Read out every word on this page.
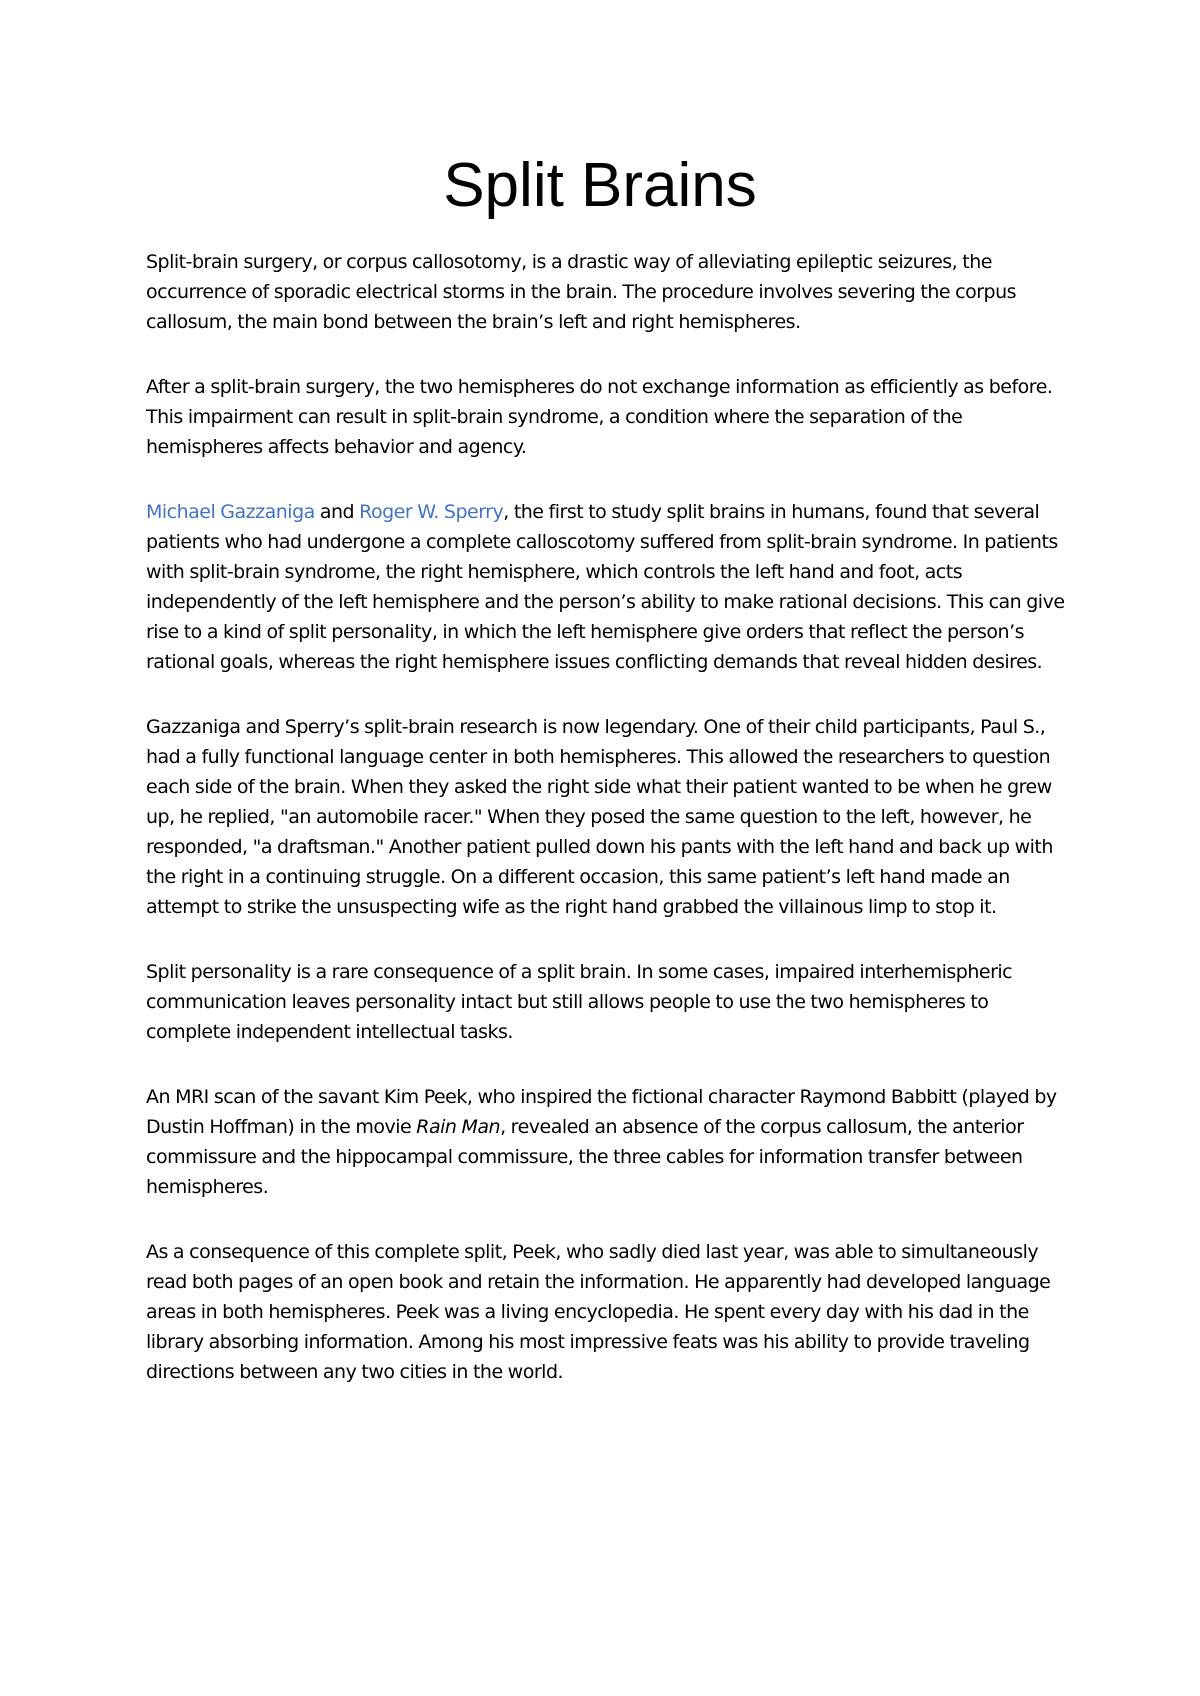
Split Brains

Split-brain surgery, or corpus callosotomy, is a drastic way of alleviating epileptic seizures, the occurrence of sporadic electrical storms in the brain. The procedure involves severing the corpus callosum, the main bond between the brain’s left and right hemispheres.

After a split-brain surgery, the two hemispheres do not exchange information as efficiently as before. This impairment can result in split-brain syndrome, a condition where the separation of the hemispheres affects behavior and agency.

Michael Gazzaniga and Roger W. Sperry, the first to study split brains in humans, found that several patients who had undergone a complete calloscotomy suffered from split-brain syndrome. In patients with split-brain syndrome, the right hemisphere, which controls the left hand and foot, acts independently of the left hemisphere and the person’s ability to make rational decisions. This can give rise to a kind of split personality, in which the left hemisphere give orders that reflect the person’s rational goals, whereas the right hemisphere issues conflicting demands that reveal hidden desires.

Gazzaniga and Sperry’s split-brain research is now legendary. One of their child participants, Paul S., had a fully functional language center in both hemispheres. This allowed the researchers to question each side of the brain. When they asked the right side what their patient wanted to be when he grew up, he replied, "an automobile racer." When they posed the same question to the left, however, he responded, "a draftsman." Another patient pulled down his pants with the left hand and back up with the right in a continuing struggle. On a different occasion, this same patient’s left hand made an attempt to strike the unsuspecting wife as the right hand grabbed the villainous limp to stop it.

Split personality is a rare consequence of a split brain. In some cases, impaired interhemispheric communication leaves personality intact but still allows people to use the two hemispheres to complete independent intellectual tasks.

An MRI scan of the savant Kim Peek, who inspired the fictional character Raymond Babbitt (played by Dustin Hoffman) in the movie Rain Man, revealed an absence of the corpus callosum, the anterior commissure and the hippocampal commissure, the three cables for information transfer between hemispheres.

As a consequence of this complete split, Peek, who sadly died last year, was able to simultaneously read both pages of an open book and retain the information. He apparently had developed language areas in both hemispheres. Peek was a living encyclopedia. He spent every day with his dad in the library absorbing information. Among his most impressive feats was his ability to provide traveling directions between any two cities in the world.
